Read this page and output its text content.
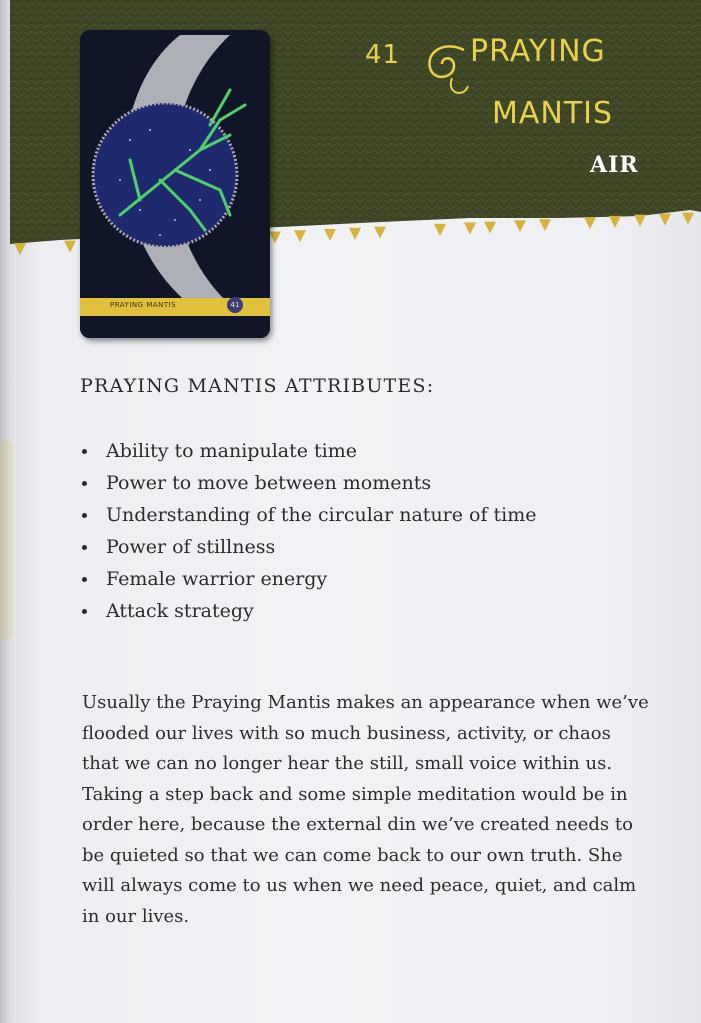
PRAYING MANTIS	41
41 PRAYING
MANTIS
AIR
PRAYING MANTIS ATTRIBUTES:
Ability to manipulate time
Power to move between moments
Understanding of the circular nature of time
Power of stillness
Female warrior energy
Attack strategy

Usually the Praying Mantis makes an appearance when we’ve flooded our lives with so much business, activity, or chaos that we can no longer hear the still, small voice within us. Taking a step back and some simple meditation would be in order here, because the external din we’ve created needs to be quieted so that we can come back to our own truth. She will always come to us when we need peace, quiet, and calm in our lives.
